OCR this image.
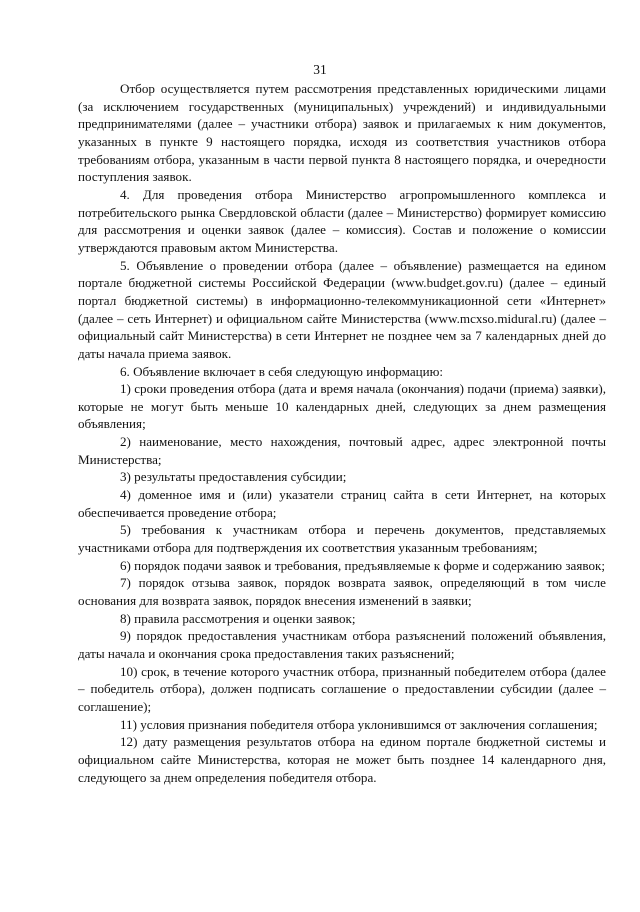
31

Отбор осуществляется путем рассмотрения представленных юридическими лицами (за исключением государственных (муниципальных) учреждений) и индивидуальными предпринимателями (далее – участники отбора) заявок и прилагаемых к ним документов, указанных в пункте 9 настоящего порядка, исходя из соответствия участников отбора требованиям отбора, указанным в части первой пункта 8 настоящего порядка, и очередности поступления заявок.

4. Для проведения отбора Министерство агропромышленного комплекса и потребительского рынка Свердловской области (далее – Министерство) формирует комиссию для рассмотрения и оценки заявок (далее – комиссия). Состав и положение о комиссии утверждаются правовым актом Министерства.

5. Объявление о проведении отбора (далее – объявление) размещается на едином портале бюджетной системы Российской Федерации (www.budget.gov.ru) (далее – единый портал бюджетной системы) в информационно-телекоммуникационной сети «Интернет» (далее – сеть Интернет) и официальном сайте Министерства (www.mcxso.midural.ru) (далее – официальный сайт Министерства) в сети Интернет не позднее чем за 7 календарных дней до даты начала приема заявок.

6. Объявление включает в себя следующую информацию:

1) сроки проведения отбора (дата и время начала (окончания) подачи (приема) заявки), которые не могут быть меньше 10 календарных дней, следующих за днем размещения объявления;

2) наименование, место нахождения, почтовый адрес, адрес электронной почты Министерства;

3) результаты предоставления субсидии;

4) доменное имя и (или) указатели страниц сайта в сети Интернет, на которых обеспечивается проведение отбора;

5) требования к участникам отбора и перечень документов, представляемых участниками отбора для подтверждения их соответствия указанным требованиям;

6) порядок подачи заявок и требования, предъявляемые к форме и содержанию заявок;

7) порядок отзыва заявок, порядок возврата заявок, определяющий в том числе основания для возврата заявок, порядок внесения изменений в заявки;

8) правила рассмотрения и оценки заявок;

9) порядок предоставления участникам отбора разъяснений положений объявления, даты начала и окончания срока предоставления таких разъяснений;

10) срок, в течение которого участник отбора, признанный победителем отбора (далее – победитель отбора), должен подписать соглашение о предоставлении субсидии (далее – соглашение);

11) условия признания победителя отбора уклонившимся от заключения соглашения;

12) дату размещения результатов отбора на едином портале бюджетной системы и официальном сайте Министерства, которая не может быть позднее 14 календарного дня, следующего за днем определения победителя отбора.
